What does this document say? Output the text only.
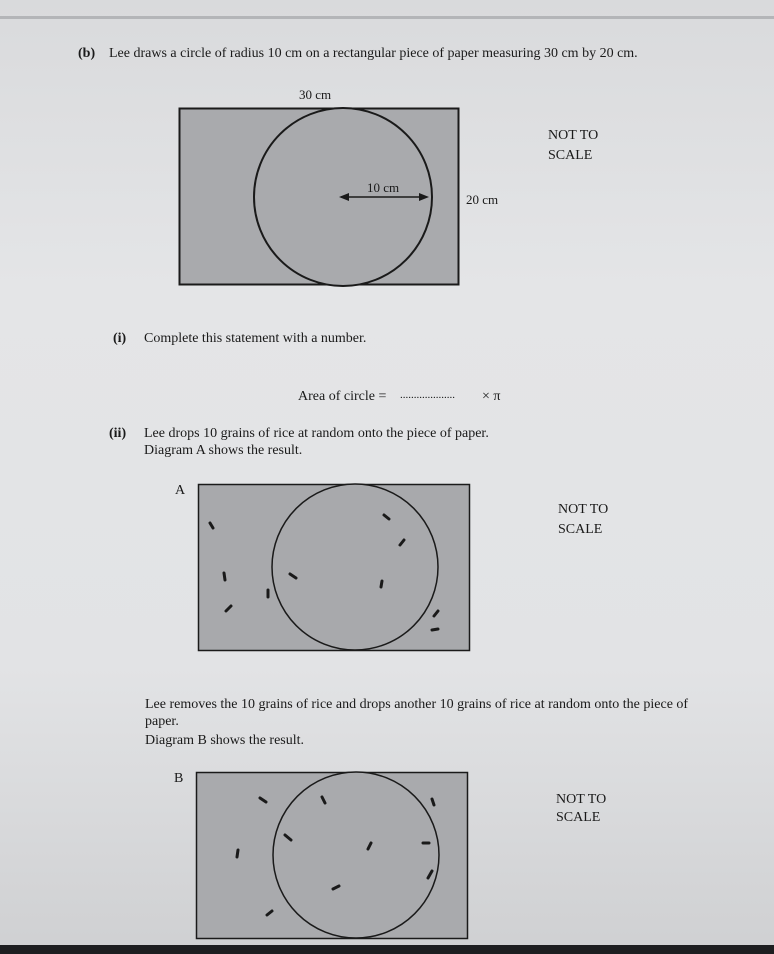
(b) Lee draws a circle of radius 10 cm on a rectangular piece of paper measuring 30 cm by 20 cm.
30 cm
10 cm
20 cm
NOT TO
SCALE
(i) Complete this statement with a number.
Area of circle = .................... × π
(ii) Lee drops 10 grains of rice at random onto the piece of paper.
Diagram A shows the result.
A
NOT TO
SCALE
Lee removes the 10 grains of rice and drops another 10 grains of rice at random onto the piece of
paper.
Diagram B shows the result.
B
NOT TO
SCALE
